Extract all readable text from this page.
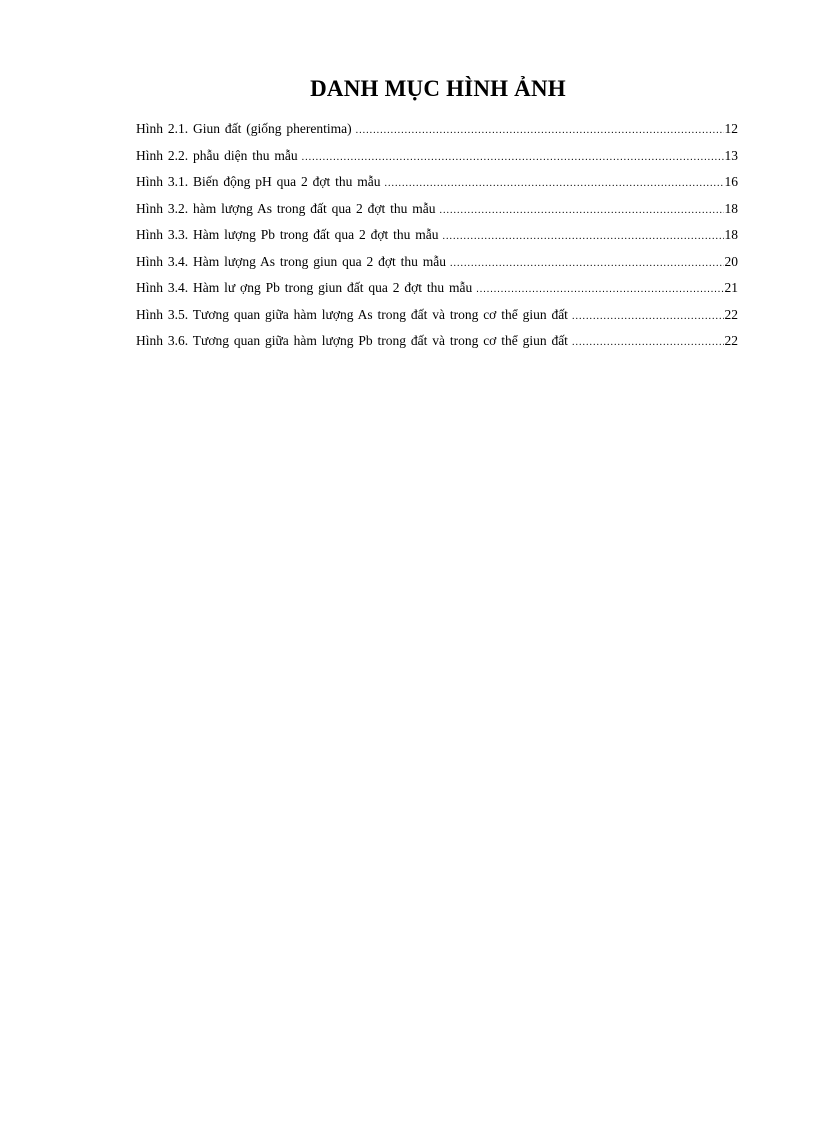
DANH MỤC HÌNH ẢNH
Hình 2.1. Giun đất (giống pherentima) .....	12
Hình 2.2. phẫu diện thu mẫu .....	13
Hình 3.1. Biến động pH qua 2 đợt thu mẫu .....	16
Hình 3.2. hàm lượng As trong đất qua 2 đợt thu mẫu .....	18
Hình 3.3. Hàm lượng Pb trong đất qua 2 đợt thu mẫu .....	18
Hình 3.4. Hàm lượng As trong giun qua 2 đợt thu mẫu .....	20
Hình 3.4. Hàm lư ợng Pb trong giun đất qua 2 đợt thu mẫu .....	21
Hình 3.5. Tương quan giữa hàm lượng As trong đất và trong cơ thể giun đất .....	22
Hình 3.6. Tương quan giữa hàm lượng Pb trong đất và trong cơ thể giun đất .....	22
